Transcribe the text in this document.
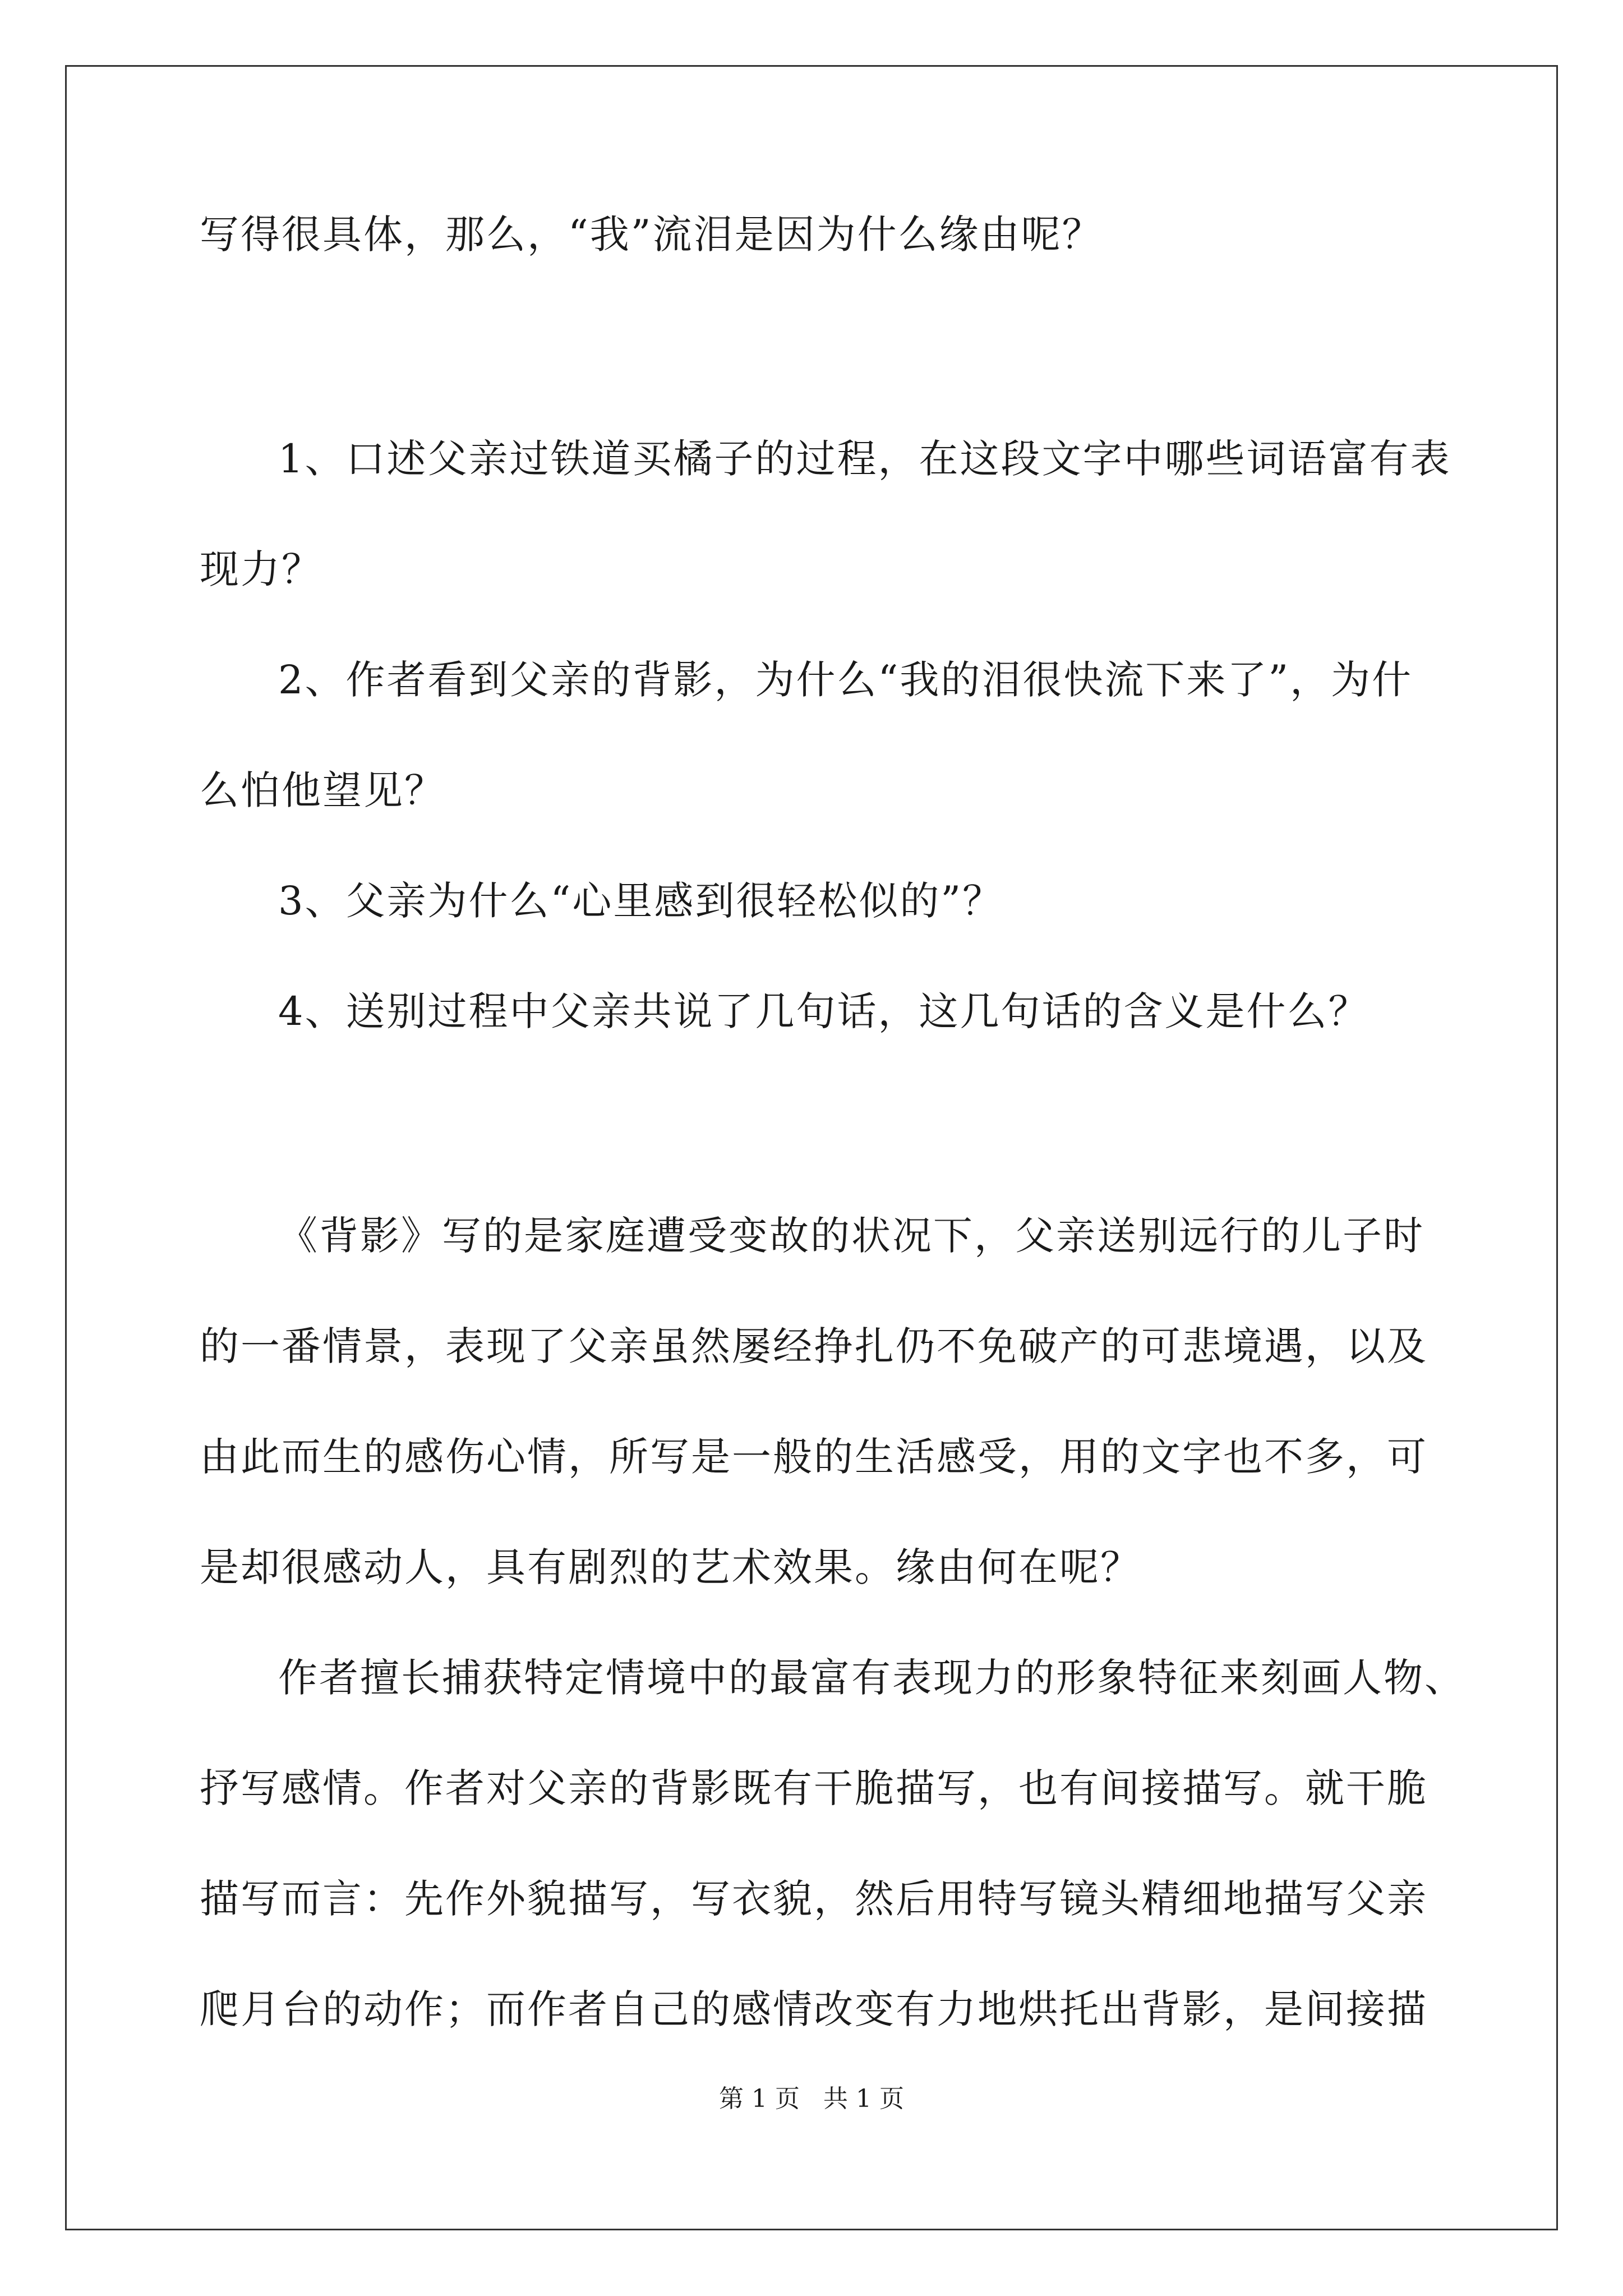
写得很具体，那么，“我”流泪是因为什么缘由呢？
1、口述父亲过铁道买橘子的过程，在这段文字中哪些词语富有表
现力？
2、作者看到父亲的背影，为什么“我的泪很快流下来了”，为什
么怕他望见？
3、父亲为什么“心里感到很轻松似的”？
4、送别过程中父亲共说了几句话，这几句话的含义是什么？
《背影》写的是家庭遭受变故的状况下，父亲送别远行的儿子时
的一番情景，表现了父亲虽然屡经挣扎仍不免破产的可悲境遇，以及
由此而生的感伤心情，所写是一般的生活感受，用的文字也不多，可
是却很感动人，具有剧烈的艺术效果。缘由何在呢？
作者擅长捕获特定情境中的最富有表现力的形象特征来刻画人物、
抒写感情。作者对父亲的背影既有干脆描写，也有间接描写。就干脆
描写而言：先作外貌描写，写衣貌，然后用特写镜头精细地描写父亲
爬月台的动作；而作者自己的感情改变有力地烘托出背影，是间接描
第 1 页   共 1 页
